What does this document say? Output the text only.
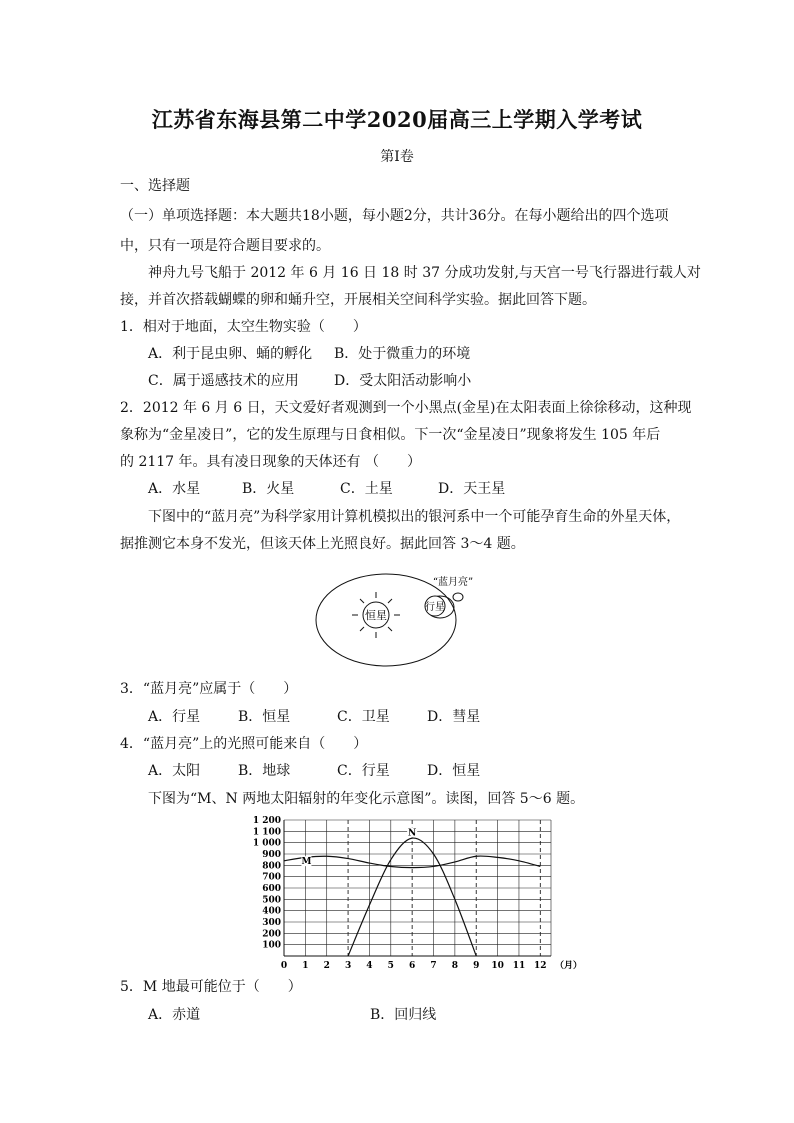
江苏省东海县第二中学2020届高三上学期入学考试
第Ⅰ卷
一、选择题
（一）单项选择题：本大题共18小题，每小题2分，共计36分。在每小题给出的四个选项
中，只有一项是符合题目要求的。
神舟九号飞船于 2012 年 6 月 16 日 18 时 37 分成功发射,与天宫一号飞行器进行载人对
接，并首次搭载蝴蝶的卵和蛹升空，开展相关空间科学实验。据此回答下题。
1．相对于地面，太空生物实验（　　）
A．利于昆虫卵、蛹的孵化 B．处于微重力的环境
C．属于遥感技术的应用	D．受太阳活动影响小
2．2012 年 6 月 6 日，天文爱好者观测到一个小黑点(金星)在太阳表面上徐徐移动，这种现
象称为“金星凌日”，它的发生原理与日食相似。下一次“金星凌日”现象将发生 105 年后
的 2117 年。具有凌日现象的天体还有 （　　）
A．水星	B．火星	C．土星	D．天王星
下图中的“蓝月亮”为科学家用计算机模拟出的银河系中一个可能孕育生命的外星天体，
据推测它本身不发光，但该天体上光照良好。据此回答 3～4 题。
恒星
行星
“蓝月亮”
3．“蓝月亮”应属于（　　）
A．行星	B．恒星	C．卫星	D．彗星
4．“蓝月亮”上的光照可能来自（　　）
A．太阳	B．地球	C．行星	D．恒星
下图为“M、N 两地太阳辐射的年变化示意图”。读图，回答 5～6 题。
100
200
300
400
500
600
700
800
900
1 000
1 100
1 200
0 1 2 3 4 5 6 7 8 9 10 11 12 （月）
M
N
5．M 地最可能位于（　　）
A．赤道	B．回归线
